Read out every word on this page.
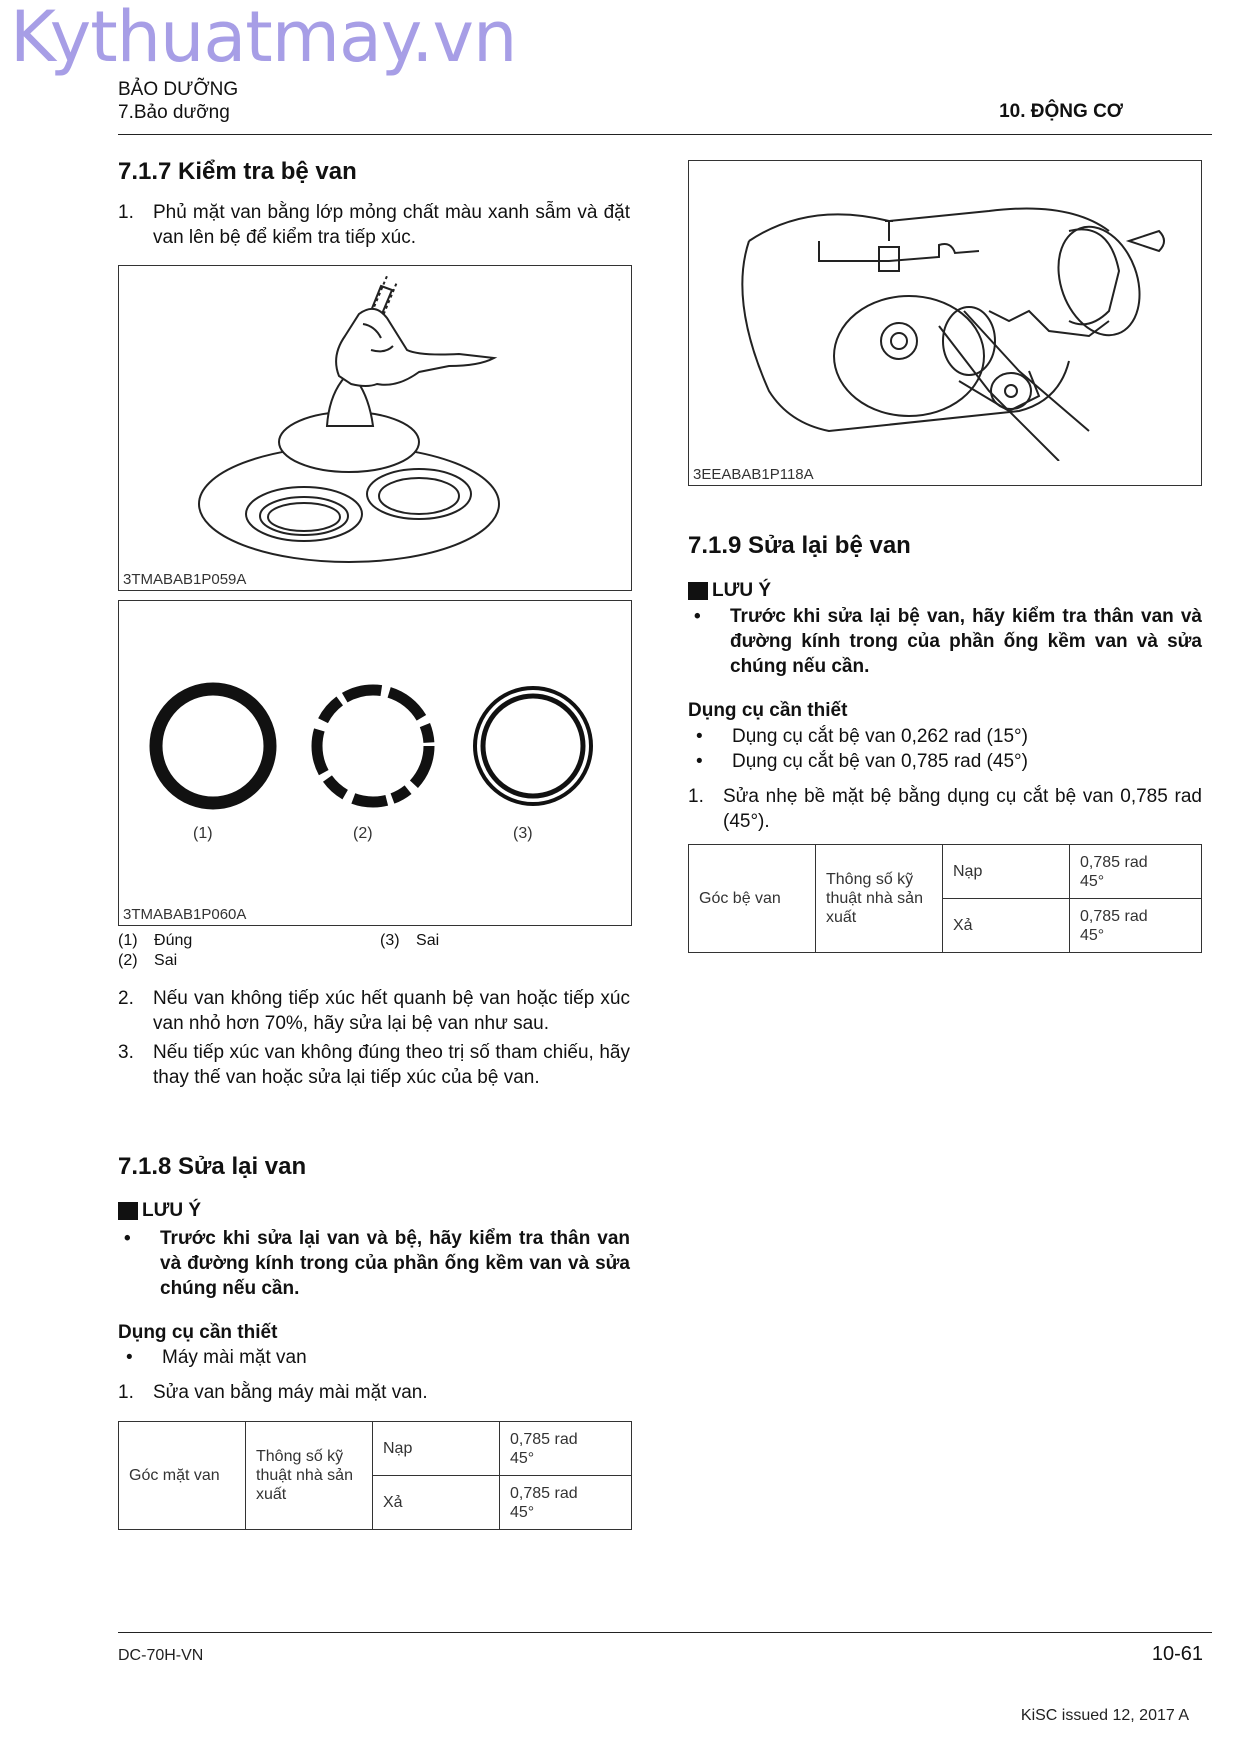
Kythuatmay.vn
BẢO DƯỠNG
7.Bảo dưỡng	10. ĐỘNG CƠ
7.1.7 Kiểm tra bệ van
1.	Phủ mặt van bằng lớp mỏng chất màu xanh sẫm và đặt van lên bệ để kiểm tra tiếp xúc.
3TMABAB1P059A
(1)	(2)	(3)
3TMABAB1P060A
(1) Đúng
(2) Sai
(3) Sai
2.	Nếu van không tiếp xúc hết quanh bệ van hoặc tiếp xúc van nhỏ hơn 70%, hãy sửa lại bệ van như sau.
3.	Nếu tiếp xúc van không đúng theo trị số tham chiếu, hãy thay thế van hoặc sửa lại tiếp xúc của bệ van.
7.1.8 Sửa lại van
LƯU Ý
•	Trước khi sửa lại van và bệ, hãy kiểm tra thân van và đường kính trong của phần ống kềm van và sửa chúng nếu cần.
Dụng cụ cần thiết
•	Máy mài mặt van
1.	Sửa van bằng máy mài mặt van.
Góc mặt van	Thông số kỹ thuật nhà sản xuất	Nạp	0,785 rad
45°

		Xả	0,785 rad
45°
3EEABAB1P118A
7.1.9 Sửa lại bệ van
LƯU Ý
•	Trước khi sửa lại bệ van, hãy kiểm tra thân van và đường kính trong của phần ống kềm van và sửa chúng nếu cần.
Dụng cụ cần thiết
•	Dụng cụ cắt bệ van 0,262 rad (15°)
•	Dụng cụ cắt bệ van 0,785 rad (45°)
1.	Sửa nhẹ bề mặt bệ bằng dụng cụ cắt bệ van 0,785 rad (45°).
Góc bệ van	Thông số kỹ thuật nhà sản xuất	Nạp	0,785 rad
45°

		Xả	0,785 rad
45°
DC-70H-VN	10-61
KiSC issued 12, 2017 A
